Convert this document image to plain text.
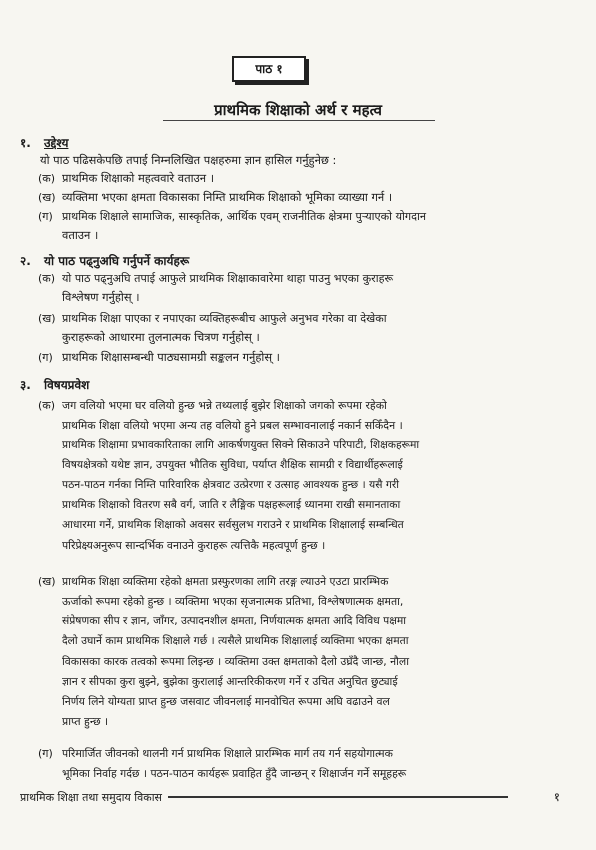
पाठ १
प्राथमिक शिक्षाको अर्थ र महत्व
१. उद्देश्य
यो पाठ पढिसकेपछि तपाई निम्नलिखित पक्षहरुमा ज्ञान हासिल गर्नुहुनेछ :
(क) प्राथमिक शिक्षाको महत्ववारे वताउन ।
(ख) व्यक्तिमा भएका क्षमता विकासका निम्ति प्राथमिक शिक्षाको भूमिका व्याख्या गर्न ।
(ग) प्राथमिक शिक्षाले सामाजिक, सास्कृतिक, आर्थिक एवम् राजनीतिक क्षेत्रमा पुऱ्याएको योगदान
वताउन ।
२. यो पाठ पढ्नुअघि गर्नुपर्ने कार्यहरू
(क) यो पाठ पढ्नुअघि तपाई आफुले प्राथमिक शिक्षाकावारेमा थाहा पाउनु भएका कुराहरू
विश्लेषण गर्नुहोस् ।
(ख) प्राथमिक शिक्षा पाएका र नपाएका व्यक्तिहरूबीच आफुले अनुभव गरेका वा देखेका
कुराहरूको आधारमा तुलनात्मक चित्रण गर्नुहोस् ।
(ग) प्राथमिक शिक्षासम्बन्धी पाठ्यसामग्री सङ्कलन गर्नुहोस् ।
३. विषयप्रवेश
(क) जग वलियो भएमा घर वलियो हुन्छ भन्ने तथ्यलाई बुझेर शिक्षाको जगको रूपमा रहेको
प्राथमिक शिक्षा वलियो भएमा अन्य तह वलियो हुने प्रबल सम्भावनालाई नकार्न सकिँदैन ।
प्राथमिक शिक्षामा प्रभावकारिताका लागि आकर्षणयुक्त सिक्ने सिकाउने परिपाटी, शिक्षकहरूमा
विषयक्षेत्रको यथेष्ट ज्ञान, उपयुक्त भौतिक सुविधा, पर्याप्त शैक्षिक सामग्री र विद्यार्थीहरूलाई
पठन-पाठन गर्नका निम्ति पारिवारिक क्षेत्रवाट उत्प्रेरणा र उत्साह आवश्यक हुन्छ । यसै गरी
प्राथमिक शिक्षाको वितरण सबै वर्ग, जाति र लैङ्गिक पक्षहरूलाई ध्यानमा राखी समानताका
आधारमा गर्ने, प्राथमिक शिक्षाको अवसर सर्वसुलभ गराउने र प्राथमिक शिक्षालाई सम्बन्धित
परिप्रेक्ष्यअनुरूप सान्दर्भिक वनाउने कुराहरू त्यत्तिकै महत्वपूर्ण हुन्छ ।
(ख) प्राथमिक शिक्षा व्यक्तिमा रहेको क्षमता प्रस्फुरणका लागि तरङ्ग ल्याउने एउटा प्रारम्भिक
ऊर्जाको रूपमा रहेको हुन्छ । व्यक्तिमा भएका सृजनात्मक प्रतिभा, विश्लेषणात्मक क्षमता,
संप्रेषणका सीप र ज्ञान, जाँगर, उत्पादनशील क्षमता, निर्णयात्मक क्षमता आदि विविध पक्षमा
दैलो उघार्ने काम प्राथमिक शिक्षाले गर्छ । त्यसैले प्राथमिक शिक्षालाई व्यक्तिमा भएका क्षमता
विकासका कारक तत्वको रूपमा लिइन्छ । व्यक्तिमा उक्त क्षमताको दैलो उघ्रँदै जान्छ, नौला
ज्ञान र सीपका कुरा बुझ्ने, बुझेका कुरालाई आन्तरिकीकरण गर्ने र उचित अनुचित छुट्याई
निर्णय लिने योग्यता प्राप्त हुन्छ जसवाट जीवनलाई मानवोचित रूपमा अघि वढाउने वल
प्राप्त हुन्छ ।
(ग) परिमार्जित जीवनको थालनी गर्न प्राथमिक शिक्षाले प्रारम्भिक मार्ग तय गर्न सहयोगात्मक
भूमिका निर्वाह गर्दछ । पठन-पाठन कार्यहरू प्रवाहित हुँदै जान्छन् र शिक्षार्जन गर्ने समूहहरू
प्राथमिक शिक्षा तथा समुदाय विकास	१
